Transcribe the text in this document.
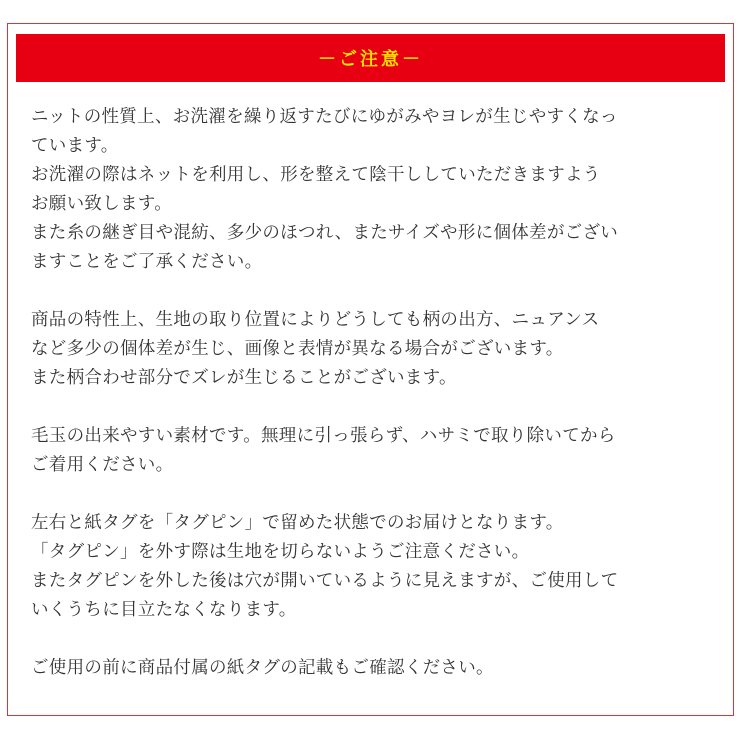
－ご注意－
ニットの性質上、お洗濯を繰り返すたびにゆがみやヨレが生じやすくなっ
ています。
お洗濯の際はネットを利用し、形を整えて陰干ししていただきますよう
お願い致します。
また糸の継ぎ目や混紡、多少のほつれ、またサイズや形に個体差がござい
ますことをご了承ください。
商品の特性上、生地の取り位置によりどうしても柄の出方、ニュアンス
など多少の個体差が生じ、画像と表情が異なる場合がございます。
また柄合わせ部分でズレが生じることがございます。
毛玉の出来やすい素材です。無理に引っ張らず、ハサミで取り除いてから
ご着用ください。
左右と紙タグを「タグピン」で留めた状態でのお届けとなります。
「タグピン」を外す際は生地を切らないようご注意ください。
またタグピンを外した後は穴が開いているように見えますが、ご使用して
いくうちに目立たなくなります。
ご使用の前に商品付属の紙タグの記載もご確認ください。
